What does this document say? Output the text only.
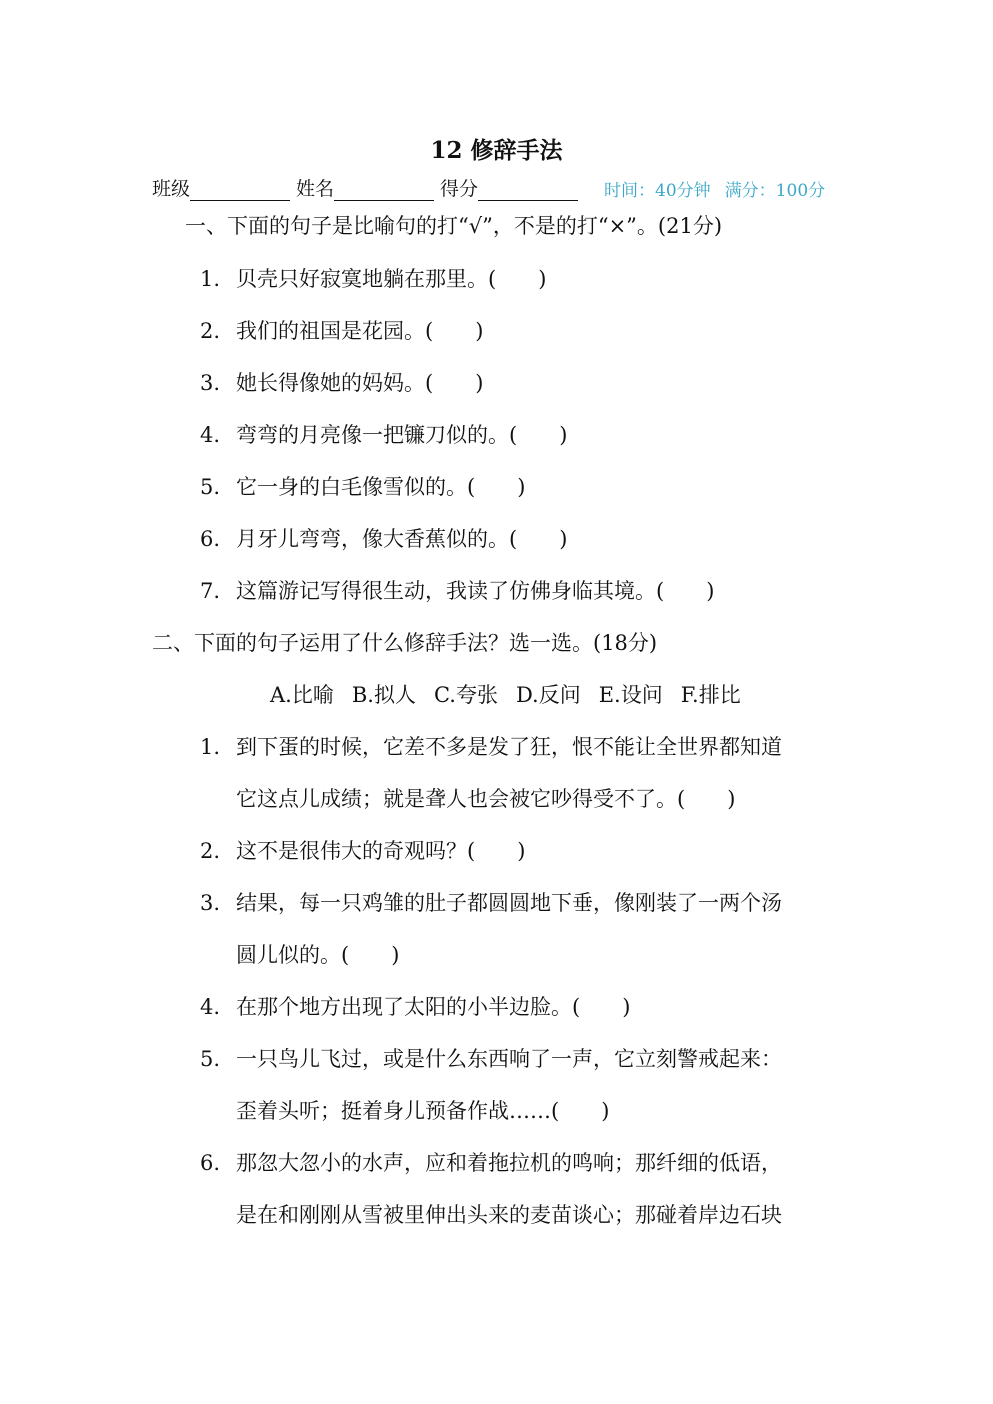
12 修辞手法
班级	姓名	得分	时间：40分钟 满分：100分
一、下面的句子是比喻句的打“√”，不是的打“×”。(21分)
1. 贝壳只好寂寞地躺在那里。(　　)
2. 我们的祖国是花园。(　　)
3. 她长得像她的妈妈。(　　)
4. 弯弯的月亮像一把镰刀似的。(　　)
5. 它一身的白毛像雪似的。(　　)
6. 月牙儿弯弯，像大香蕉似的。(　　)
7. 这篇游记写得很生动，我读了仿佛身临其境。(　　)
二、下面的句子运用了什么修辞手法？选一选。(18分)
A.比喻 B.拟人 C.夸张 D.反问 E.设问 F.排比
1. 到下蛋的时候，它差不多是发了狂，恨不能让全世界都知道
它这点儿成绩；就是聋人也会被它吵得受不了。(　　)
2. 这不是很伟大的奇观吗？(　　)
3. 结果，每一只鸡雏的肚子都圆圆地下垂，像刚装了一两个汤
圆儿似的。(　　)
4. 在那个地方出现了太阳的小半边脸。(　　)
5. 一只鸟儿飞过，或是什么东西响了一声，它立刻警戒起来：
歪着头听；挺着身儿预备作战……(　　)
6. 那忽大忽小的水声，应和着拖拉机的鸣响；那纤细的低语，
是在和刚刚从雪被里伸出头来的麦苗谈心；那碰着岸边石块
